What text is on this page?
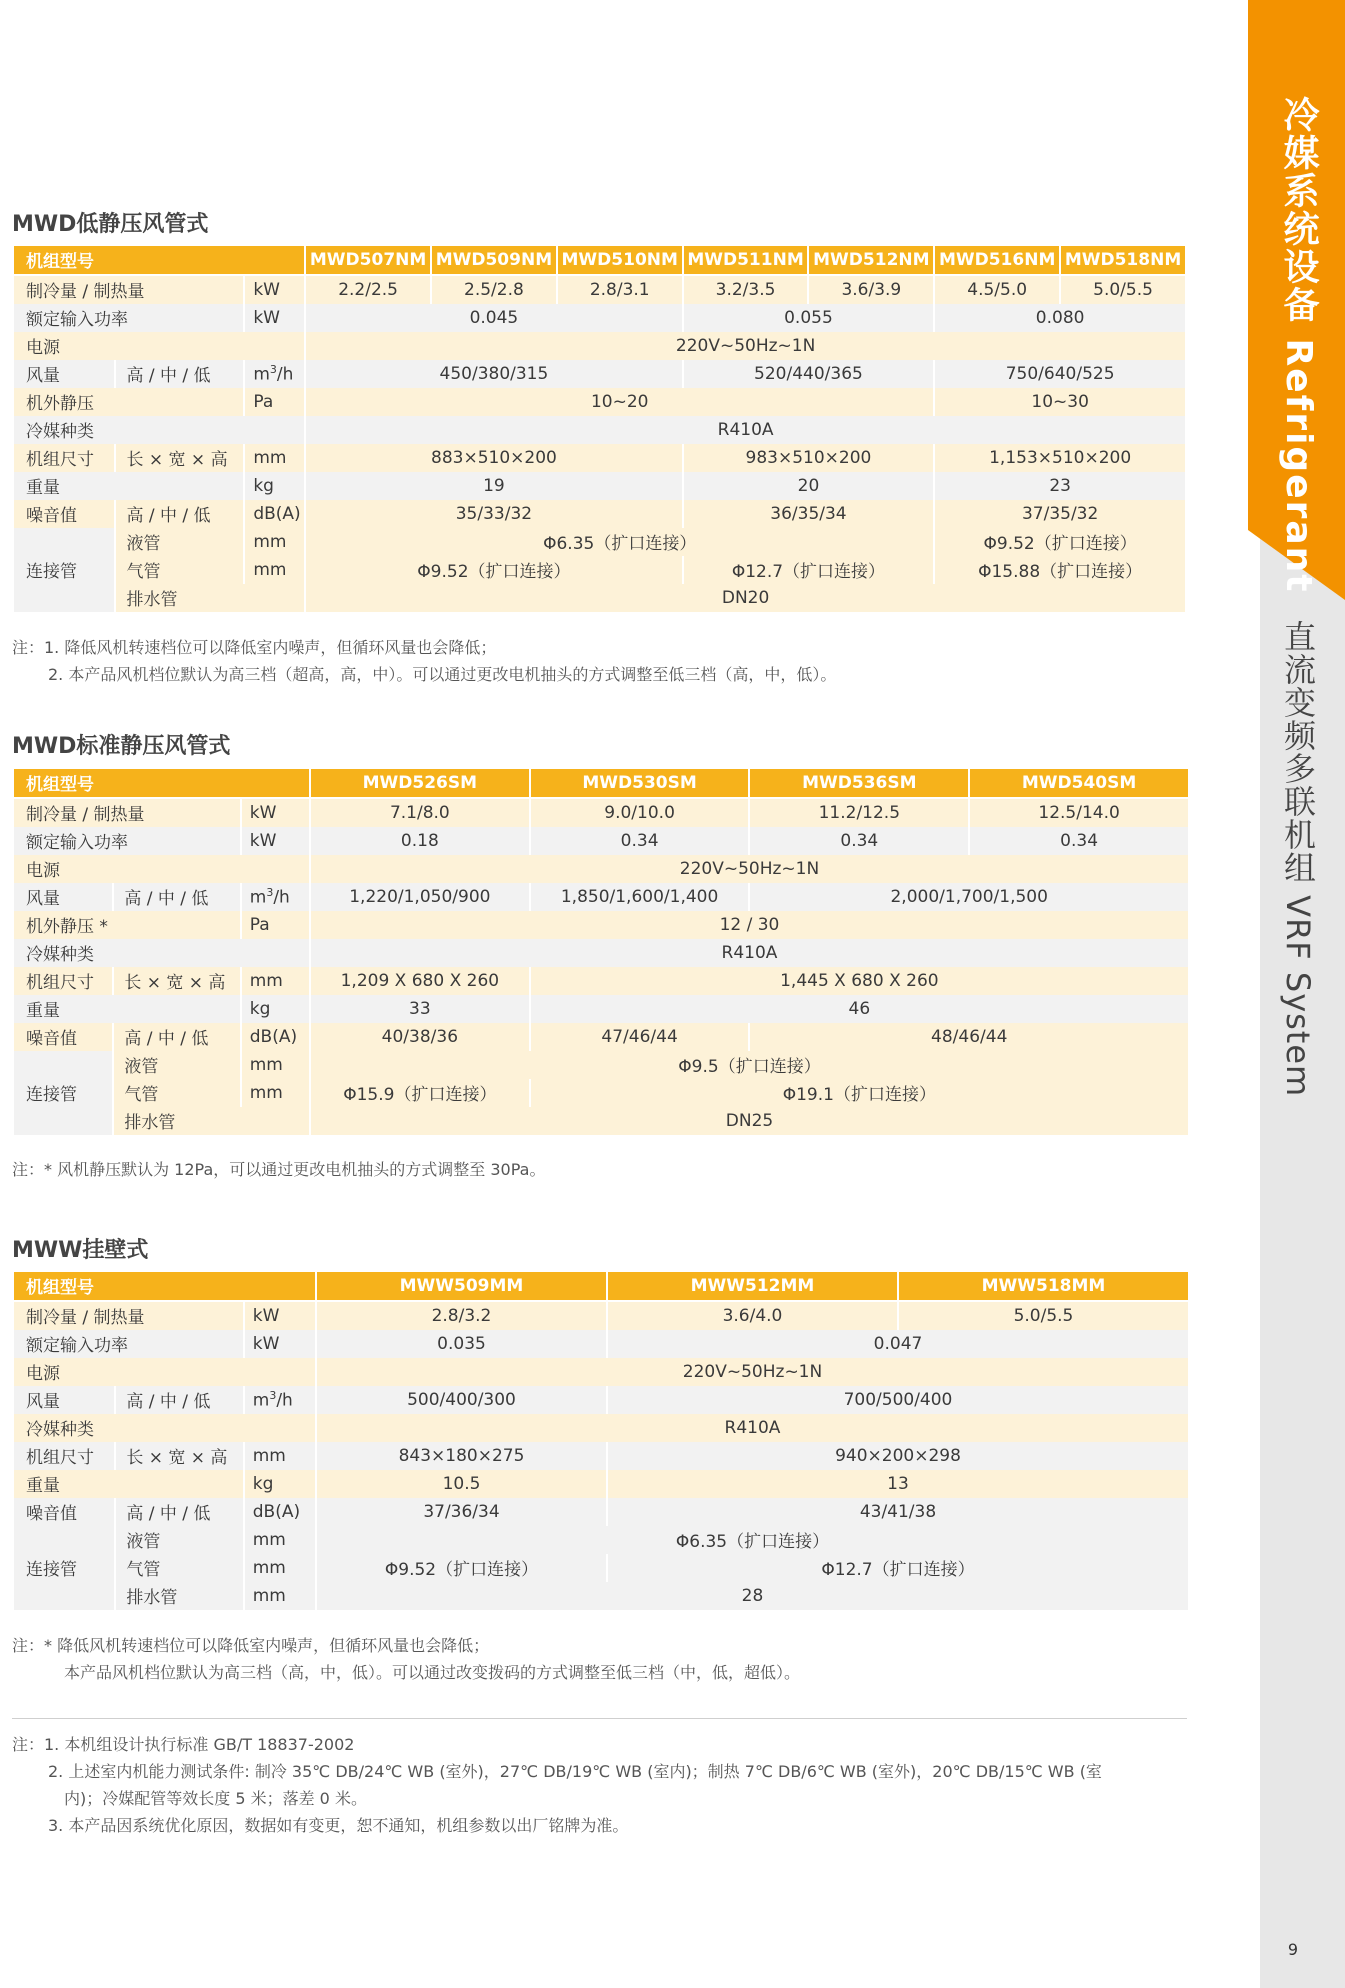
冷媒系统设备 Refrigerant
直流变频多联机组 VRF System
9
MWD低静压风管式
机组型号			MWD507NM	MWD509NM	MWD510NM	MWD511NM	MWD512NM	MWD516NM	MWD518NM
制冷量 / 制热量		kW	2.2/2.5	2.5/2.8	2.8/3.1	3.2/3.5	3.6/3.9	4.5/5.0	5.0/5.5
额定输入功率		kW	0.045			0.055		0.080	
电源			220V~50Hz~1N						
风量	高 / 中 / 低	$m^3/h$	450/380/315			520/440/365		750/640/525	
机外静压		Pa	10~20					10~30	
冷媒种类			R410A						
机组尺寸	长 × 宽 × 高	mm	883×510×200			983×510×200		1,153×510×200	
重量		kg	19			20		23	
噪音值	高 / 中 / 低	dB(A)	35/33/32			36/35/34		37/35/32	
连接管	液管	mm	Φ6.35（扩口连接）					Φ9.52（扩口连接）	
	气管	mm	Φ9.52（扩口连接）			Φ12.7（扩口连接）		Φ15.88（扩口连接）	
	排水管		DN20						
注：1. 降低风机转速档位可以降低室内噪声，但循环风量也会降低；
2. 本产品风机档位默认为高三档（超高，高，中）。可以通过更改电机抽头的方式调整至低三档（高，中，低）。
MWD标准静压风管式
机组型号			MWD526SM	MWD530SM	MWD536SM	MWD540SM
制冷量 / 制热量		kW	7.1/8.0	9.0/10.0	11.2/12.5	12.5/14.0
额定输入功率		kW	0.18	0.34	0.34	0.34
电源			220V~50Hz~1N			
风量	高 / 中 / 低	$m^3/h$	1,220/1,050/900	1,850/1,600/1,400	2,000/1,700/1,500	
机外静压 *		Pa	12 / 30			
冷媒种类			R410A			
机组尺寸	长 × 宽 × 高	mm	1,209 X 680 X 260	1,445 X 680 X 260		
重量		kg	33	46		
噪音值	高 / 中 / 低	dB(A)	40/38/36	47/46/44	48/46/44	
连接管	液管	mm	Φ9.5（扩口连接）			
	气管	mm	Φ15.9（扩口连接）	Φ19.1（扩口连接）		
	排水管		DN25			
注：* 风机静压默认为 12Pa，可以通过更改电机抽头的方式调整至 30Pa。
MWW挂壁式
机组型号			MWW509MM	MWW512MM	MWW518MM
制冷量 / 制热量		kW	2.8/3.2	3.6/4.0	5.0/5.5
额定输入功率		kW	0.035	0.047	
电源			220V~50Hz~1N		
风量	高 / 中 / 低	$m^3/h$	500/400/300	700/500/400	
冷媒种类			R410A		
机组尺寸	长 × 宽 × 高	mm	843×180×275	940×200×298	
重量		kg	10.5	13	
噪音值	高 / 中 / 低	dB(A)	37/36/34	43/41/38	
连接管	液管	mm	Φ6.35（扩口连接）		
	气管	mm	Φ9.52（扩口连接）	Φ12.7（扩口连接）	
	排水管	mm	28		
注：* 降低风机转速档位可以降低室内噪声，但循环风量也会降低；
本产品风机档位默认为高三档（高，中，低）。可以通过改变拨码的方式调整至低三档（中，低，超低）。
注：1. 本机组设计执行标准 GB/T 18837-2002
2. 上述室内机能力测试条件: 制冷 35℃ DB/24℃ WB (室外)，27℃ DB/19℃ WB (室内)；制热 7℃ DB/6℃ WB (室外)，20℃ DB/15℃ WB (室
内)；冷媒配管等效长度 5 米；落差 0 米。
3. 本产品因系统优化原因，数据如有变更，恕不通知，机组参数以出厂铭牌为准。
